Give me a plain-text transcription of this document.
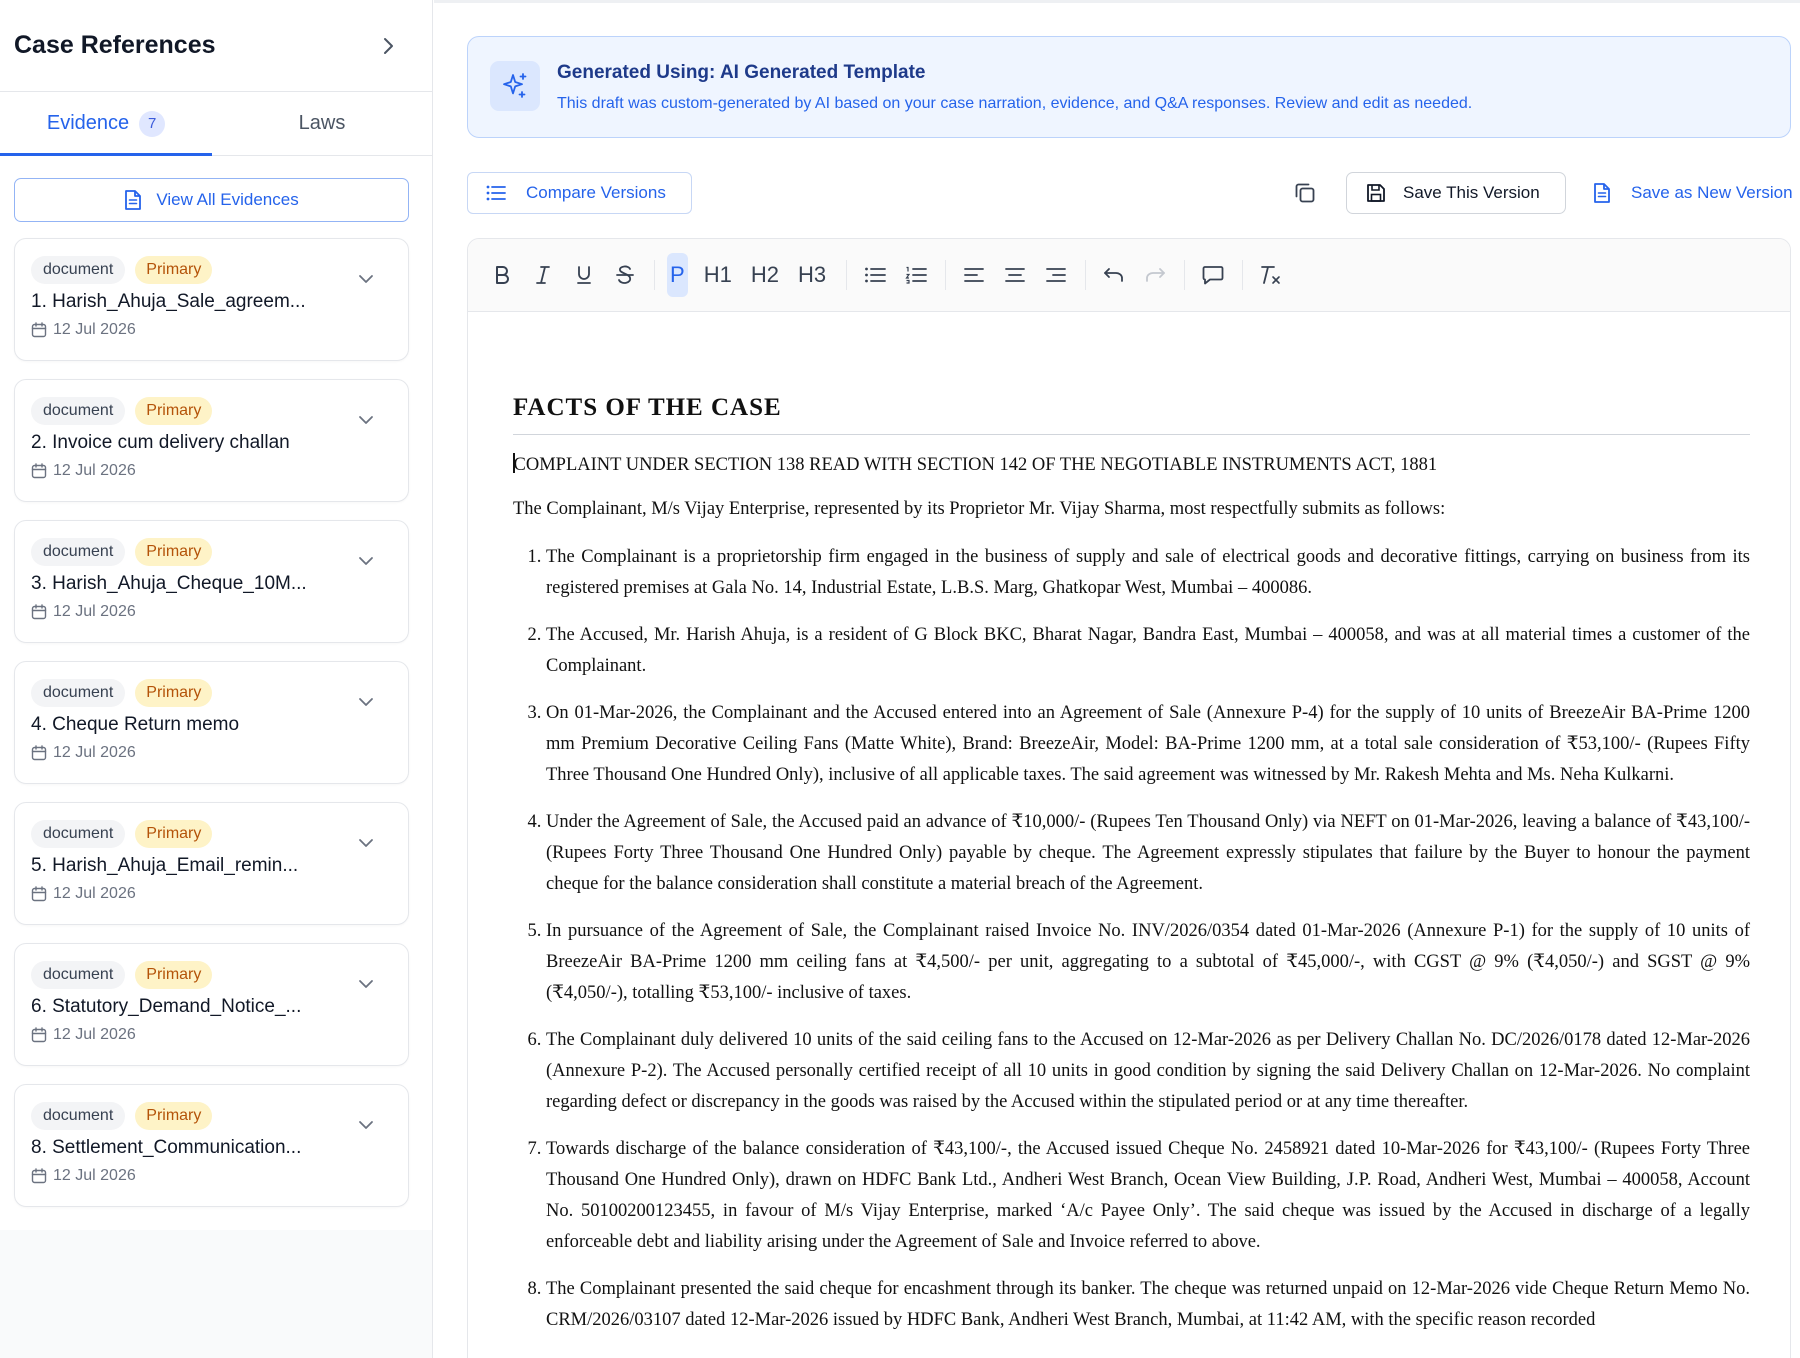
Case References
Evidence	7	Laws
View All Evidences
document	Primary
1. Harish_Ahuja_Sale_agreem...
12 Jul 2026
document	Primary
2. Invoice cum delivery challan
12 Jul 2026
document	Primary
3. Harish_Ahuja_Cheque_10M...
12 Jul 2026
document	Primary
4. Cheque Return memo
12 Jul 2026
document	Primary
5. Harish_Ahuja_Email_remin...
12 Jul 2026
document	Primary
6. Statutory_Demand_Notice_...
12 Jul 2026
document	Primary
8. Settlement_Communication...
12 Jul 2026
Generated Using: AI Generated Template
This draft was custom-generated by AI based on your case narration, evidence, and Q&A responses. Review and edit as needed.
Compare Versions	Save This Version	Save as New Version
P H1 H2 H3
FACTS OF THE CASE
COMPLAINT UNDER SECTION 138 READ WITH SECTION 142 OF THE NEGOTIABLE INSTRUMENTS ACT, 1881
The Complainant, M/s Vijay Enterprise, represented by its Proprietor Mr. Vijay Sharma, most respectfully submits as follows:
1. The Complainant is a proprietorship firm engaged in the business of supply and sale of electrical goods and decorative fittings, carrying on business from its registered premises at Gala No. 14, Industrial Estate, L.B.S. Marg, Ghatkopar West, Mumbai – 400086.
2. The Accused, Mr. Harish Ahuja, is a resident of G Block BKC, Bharat Nagar, Bandra East, Mumbai – 400058, and was at all material times a customer of the Complainant.
3. On 01-Mar-2026, the Complainant and the Accused entered into an Agreement of Sale (Annexure P-4) for the supply of 10 units of BreezeAir BA-Prime 1200 mm Premium Decorative Ceiling Fans (Matte White), Brand: BreezeAir, Model: BA-Prime 1200 mm, at a total sale consideration of ₹53,100/- (Rupees Fifty Three Thousand One Hundred Only), inclusive of all applicable taxes. The said agreement was witnessed by Mr. Rakesh Mehta and Ms. Neha Kulkarni.
4. Under the Agreement of Sale, the Accused paid an advance of ₹10,000/- (Rupees Ten Thousand Only) via NEFT on 01-Mar-2026, leaving a balance of ₹43,100/- (Rupees Forty Three Thousand One Hundred Only) payable by cheque. The Agreement expressly stipulates that failure by the Buyer to honour the payment cheque for the balance consideration shall constitute a material breach of the Agreement.
5. In pursuance of the Agreement of Sale, the Complainant raised Invoice No. INV/2026/0354 dated 01-Mar-2026 (Annexure P-1) for the supply of 10 units of BreezeAir BA-Prime 1200 mm ceiling fans at ₹4,500/- per unit, aggregating to a subtotal of ₹45,000/-, with CGST @ 9% (₹4,050/-) and SGST @ 9% (₹4,050/-), totalling ₹53,100/- inclusive of taxes.
6. The Complainant duly delivered 10 units of the said ceiling fans to the Accused on 12-Mar-2026 as per Delivery Challan No. DC/2026/0178 dated 12-Mar-2026 (Annexure P-2). The Accused personally certified receipt of all 10 units in good condition by signing the said Delivery Challan on 12-Mar-2026. No complaint regarding defect or discrepancy in the goods was raised by the Accused within the stipulated period or at any time thereafter.
7. Towards discharge of the balance consideration of ₹43,100/-, the Accused issued Cheque No. 2458921 dated 10-Mar-2026 for ₹43,100/- (Rupees Forty Three Thousand One Hundred Only), drawn on HDFC Bank Ltd., Andheri West Branch, Ocean View Building, J.P. Road, Andheri West, Mumbai – 400058, Account No. 50100200123455, in favour of M/s Vijay Enterprise, marked ‘A/c Payee Only’. The said cheque was issued by the Accused in discharge of a legally enforceable debt and liability arising under the Agreement of Sale and Invoice referred to above.
8. The Complainant presented the said cheque for encashment through its banker. The cheque was returned unpaid on 12-Mar-2026 vide Cheque Return Memo No. CRM/2026/03107 dated 12-Mar-2026 issued by HDFC Bank, Andheri West Branch, Mumbai, at 11:42 AM, with the specific reason recorded
